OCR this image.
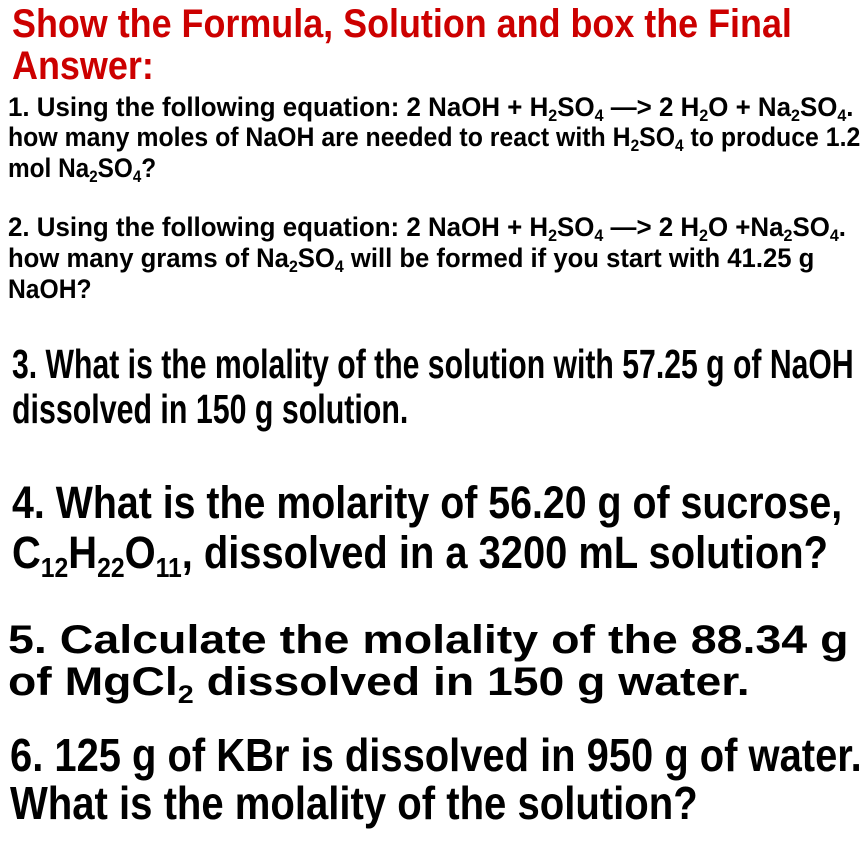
Show the Formula, Solution and box the Final
Answer:
1. Using the following equation: 2 NaOH + $H_2SO_4$ —> 2 $H_2O + Na_2SO_4$.
how many moles of NaOH are needed to react with $H_2SO_4$ to produce 1.2
mol $Na_2SO_4$?
2. Using the following equation: 2 NaOH + $H_2SO_4$ —> 2 $H_2O +Na_2SO_4$.
how many grams of $Na_2SO_4$ will be formed if you start with 41.25 g
NaOH?
3. What is the molality of the solution with 57.25 g of NaOH
dissolved in 150 g solution.
4. What is the molarity of 56.20 g of sucrose,
$C_{12}H_{22}O_{11}$, dissolved in a 3200 mL solution?
5. Calculate the molality of the 88.34 g
of MgCl$_2$ dissolved in 150 g water.
6. 125 g of KBr is dissolved in 950 g of water.
What is the molality of the solution?
